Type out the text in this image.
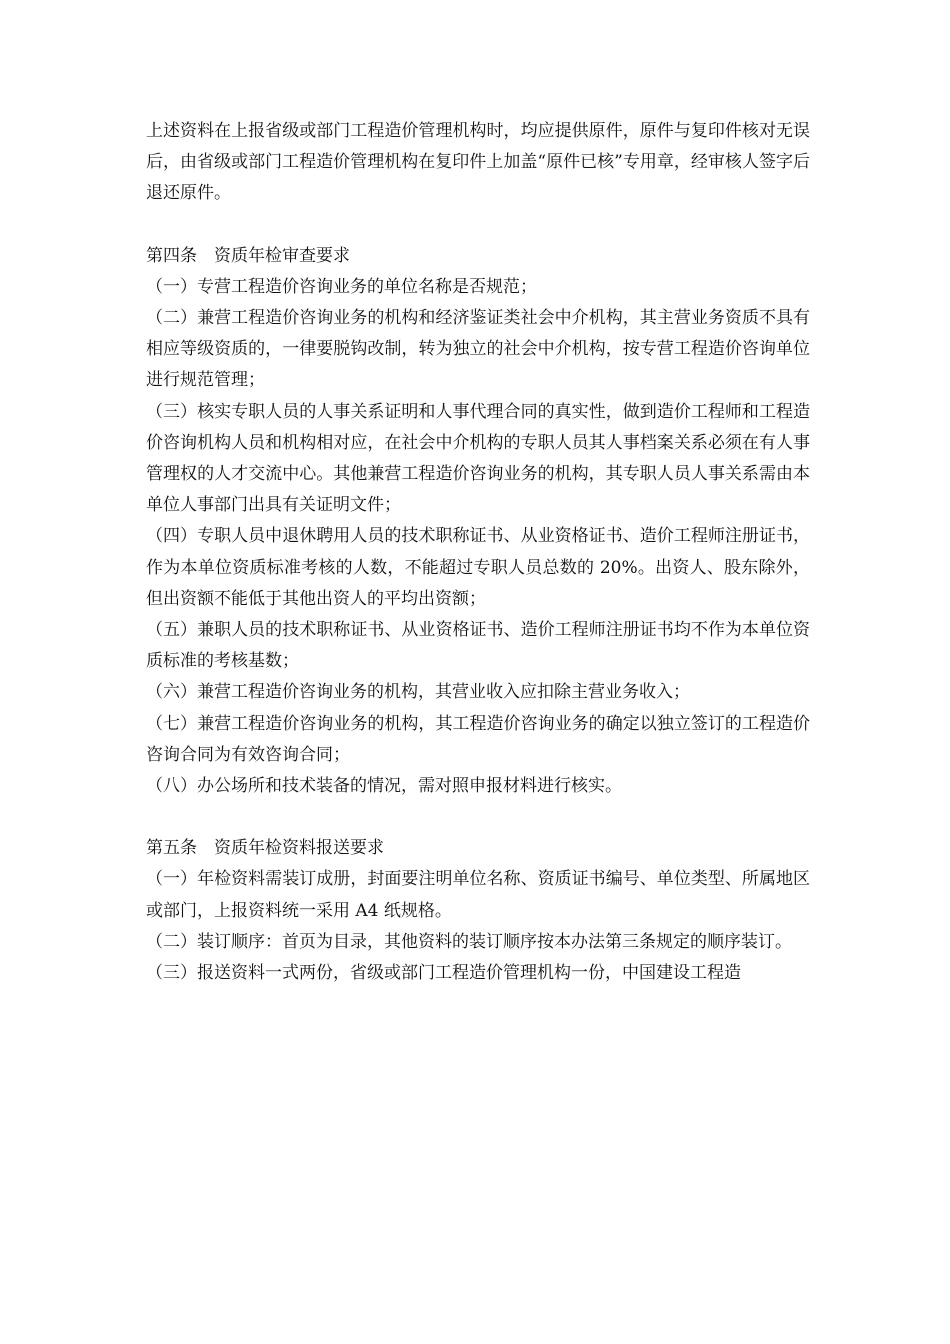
上述资料在上报省级或部门工程造价管理机构时，均应提供原件，原件与复印件核对无误后，由省级或部门工程造价管理机构在复印件上加盖“原件已核”专用章，经审核人签字后退还原件。

第四条　资质年检审查要求

（一）专营工程造价咨询业务的单位名称是否规范；

（二）兼营工程造价咨询业务的机构和经济鉴证类社会中介机构，其主营业务资质不具有相应等级资质的，一律要脱钩改制，转为独立的社会中介机构，按专营工程造价咨询单位进行规范管理；

（三）核实专职人员的人事关系证明和人事代理合同的真实性，做到造价工程师和工程造价咨询机构人员和机构相对应，在社会中介机构的专职人员其人事档案关系必须在有人事管理权的人才交流中心。其他兼营工程造价咨询业务的机构，其专职人员人事关系需由本单位人事部门出具有关证明文件；

（四）专职人员中退休聘用人员的技术职称证书、从业资格证书、造价工程师注册证书，作为本单位资质标准考核的人数，不能超过专职人员总数的 20%。出资人、股东除外，但出资额不能低于其他出资人的平均出资额；

（五）兼职人员的技术职称证书、从业资格证书、造价工程师注册证书均不作为本单位资质标准的考核基数；

（六）兼营工程造价咨询业务的机构，其营业收入应扣除主营业务收入；

（七）兼营工程造价咨询业务的机构，其工程造价咨询业务的确定以独立签订的工程造价咨询合同为有效咨询合同；

（八）办公场所和技术装备的情况，需对照申报材料进行核实。

第五条　资质年检资料报送要求

（一）年检资料需装订成册，封面要注明单位名称、资质证书编号、单位类型、所属地区或部门，上报资料统一采用 A4 纸规格。

（二）装订顺序：首页为目录，其他资料的装订顺序按本办法第三条规定的顺序装订。

（三）报送资料一式两份，省级或部门工程造价管理机构一份，中国建设工程造
